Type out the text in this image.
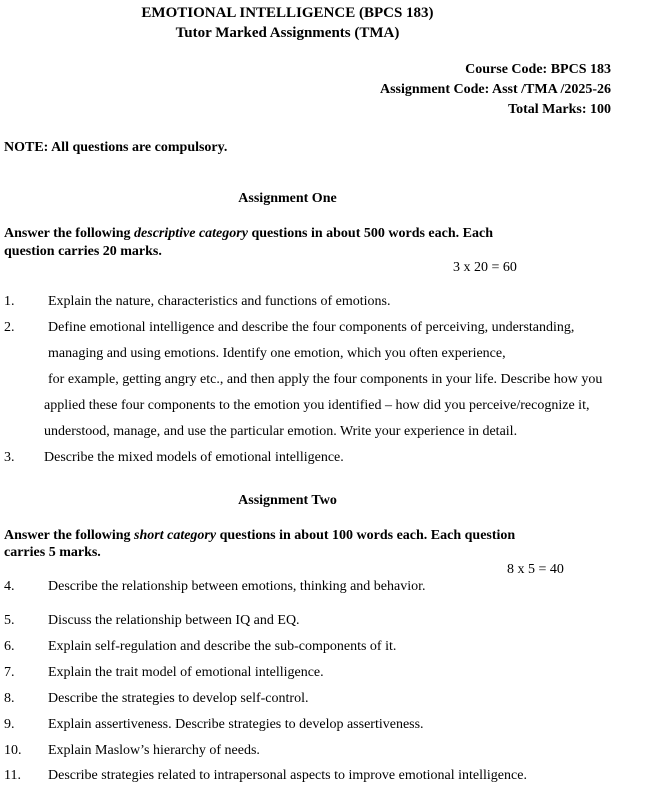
EMOTIONAL INTELLIGENCE (BPCS 183)
Tutor Marked Assignments (TMA)
Course Code: BPCS 183
Assignment Code: Asst /TMA /2025-26
Total Marks: 100
NOTE: All questions are compulsory.
Assignment One
Answer the following descriptive category questions in about 500 words each. Each
question carries 20 marks.
3 x 20 = 60
1. Explain the nature, characteristics and functions of emotions.
2. Define emotional intelligence and describe the four components of perceiving, understanding,
managing and using emotions. Identify one emotion, which you often experience,
for example, getting angry etc., and then apply the four components in your life. Describe how you
applied these four components to the emotion you identified – how did you perceive/recognize it,
understood, manage, and use the particular emotion. Write your experience in detail.
3. Describe the mixed models of emotional intelligence.
Assignment Two
Answer the following short category questions in about 100 words each. Each question
carries 5 marks.
8 x 5 = 40
4. Describe the relationship between emotions, thinking and behavior.
5. Discuss the relationship between IQ and EQ.
6. Explain self-regulation and describe the sub-components of it.
7. Explain the trait model of emotional intelligence.
8. Describe the strategies to develop self-control.
9. Explain assertiveness. Describe strategies to develop assertiveness.
10. Explain Maslow’s hierarchy of needs.
11. Describe strategies related to intrapersonal aspects to improve emotional intelligence.
